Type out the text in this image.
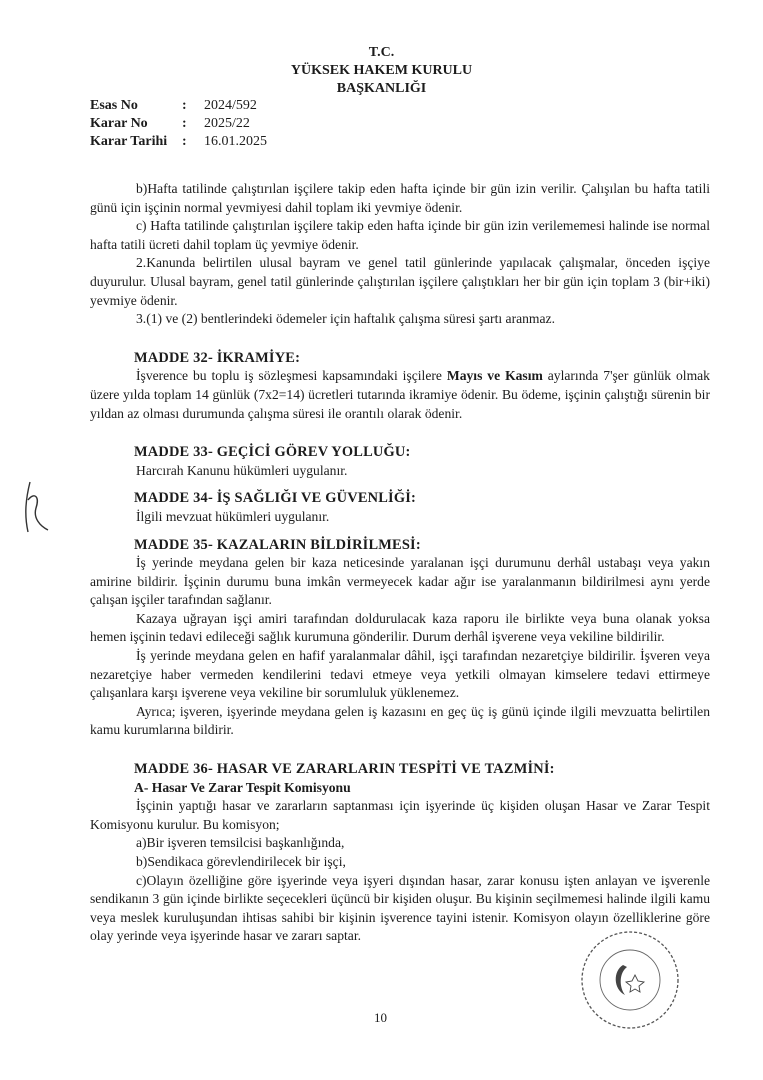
T.C.
YÜKSEK HAKEM KURULU
BAŞKANLIĞI
Esas No	: 2024/592
Karar No : 2025/22
Karar Tarihi : 16.01.2025

b)Hafta tatilinde çalıştırılan işçilere takip eden hafta içinde bir gün izin verilir. Çalışılan bu hafta tatili günü için işçinin normal yevmiyesi dahil toplam iki yevmiye ödenir.

c) Hafta tatilinde çalıştırılan işçilere takip eden hafta içinde bir gün izin verilememesi halinde ise normal hafta tatili ücreti dahil toplam üç yevmiye ödenir.

2.Kanunda belirtilen ulusal bayram ve genel tatil günlerinde yapılacak çalışmalar, önceden işçiye duyurulur. Ulusal bayram, genel tatil günlerinde çalıştırılan işçilere çalıştıkları her bir gün için toplam 3 (bir+iki) yevmiye ödenir.

3.(1) ve (2) bentlerindeki ödemeler için haftalık çalışma süresi şartı aranmaz.

MADDE 32- İKRAMİYE:

İşverence bu toplu iş sözleşmesi kapsamındaki işçilere Mayıs ve Kasım aylarında 7'şer günlük olmak üzere yılda toplam 14 günlük (7x2=14) ücretleri tutarında ikramiye ödenir. Bu ödeme, işçinin çalıştığı sürenin bir yıldan az olması durumunda çalışma süresi ile orantılı olarak ödenir.

MADDE 33- GEÇİCİ GÖREV YOLLUĞU:

Harcırah Kanunu hükümleri uygulanır.

MADDE 34- İŞ SAĞLIĞI VE GÜVENLİĞİ:

İlgili mevzuat hükümleri uygulanır.

MADDE 35- KAZALARIN BİLDİRİLMESİ:

İş yerinde meydana gelen bir kaza neticesinde yaralanan işçi durumunu derhâl ustabaşı veya yakın amirine bildirir. İşçinin durumu buna imkân vermeyecek kadar ağır ise yaralanmanın bildirilmesi aynı yerde çalışan işçiler tarafından sağlanır.

Kazaya uğrayan işçi amiri tarafından doldurulacak kaza raporu ile birlikte veya buna olanak yoksa hemen işçinin tedavi edileceği sağlık kurumuna gönderilir. Durum derhâl işverene veya vekiline bildirilir.

İş yerinde meydana gelen en hafif yaralanmalar dâhil, işçi tarafından nezaretçiye bildirilir. İşveren veya nezaretçiye haber vermeden kendilerini tedavi etmeye veya yetkili olmayan kimselere tedavi ettirmeye çalışanlara karşı işverene veya vekiline bir sorumluluk yüklenemez.

Ayrıca; işveren, işyerinde meydana gelen iş kazasını en geç üç iş günü içinde ilgili mevzuatta belirtilen kamu kurumlarına bildirir.

MADDE 36- HASAR VE ZARARLARIN TESPİTİ VE TAZMİNİ:

A- Hasar Ve Zarar Tespit Komisyonu

İşçinin yaptığı hasar ve zararların saptanması için işyerinde üç kişiden oluşan Hasar ve Zarar Tespit Komisyonu kurulur. Bu komisyon;

a)Bir işveren temsilcisi başkanlığında,

b)Sendikaca görevlendirilecek bir işçi,

c)Olayın özelliğine göre işyerinde veya işyeri dışından hasar, zarar konusu işten anlayan ve işverenle sendikanın 3 gün içinde birlikte seçecekleri üçüncü bir kişiden oluşur. Bu kişinin seçilmemesi halinde ilgili kamu veya meslek kuruluşundan ihtisas sahibi bir kişinin işverence tayini istenir. Komisyon olayın özelliklerine göre olay yerinde veya işyerinde hasar ve zararı saptar.

10
